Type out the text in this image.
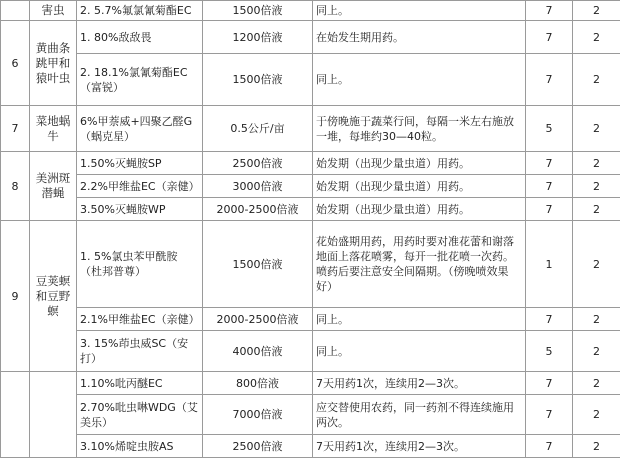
	害虫	2. 5.7%氟氯氰菊酯EC	1500倍液	同上。	7	2
6	黄曲条跳甲和猿叶虫	1. 80%敌敌畏	1200倍液	在始发生期用药。	7	2
		2. 18.1%氯氰菊酯EC（富锐）	1500倍液	同上。	7	2
7	菜地蜗牛	6%甲萘威+四聚乙醛G（蜗克星）	0.5公斤/亩	于傍晚施于蔬菜行间，每隔一米左右施放一堆，每堆约30—40粒。	5	2
8	美洲斑潜蝇	1.50%灭蝇胺SP	2500倍液	始发期（出现少量虫道）用药。	7	2
		2.2%甲维盐EC（亲健）	3000倍液	始发期（出现少量虫道）用药。	7	2
		3.50%灭蝇胺WP	2000-2500倍液	始发期（出现少量虫道）用药。	7	2
9	豆荚螟和豆野螟	1. 5%氯虫苯甲酰胺（杜邦普尊）	1500倍液	花始盛期用药，用药时要对准花蕾和谢落地面上落花喷雾，每开一批花喷一次药。喷药后要注意安全间隔期。（傍晚喷效果好）	1	2
		2.1%甲维盐EC（亲健）	2000-2500倍液	同上。	7	2
		3. 15%茚虫威SC（安打）	4000倍液	同上。	5	2
		1.10%吡丙醚EC	800倍液	7天用药1次，连续用2—3次。	7	2
		2.70%吡虫啉WDG（艾美乐）	7000倍液	应交替使用农药，同一药剂不得连续施用两次。	7	2
		3.10%烯啶虫胺AS	2500倍液	7天用药1次，连续用2—3次。	7	2
